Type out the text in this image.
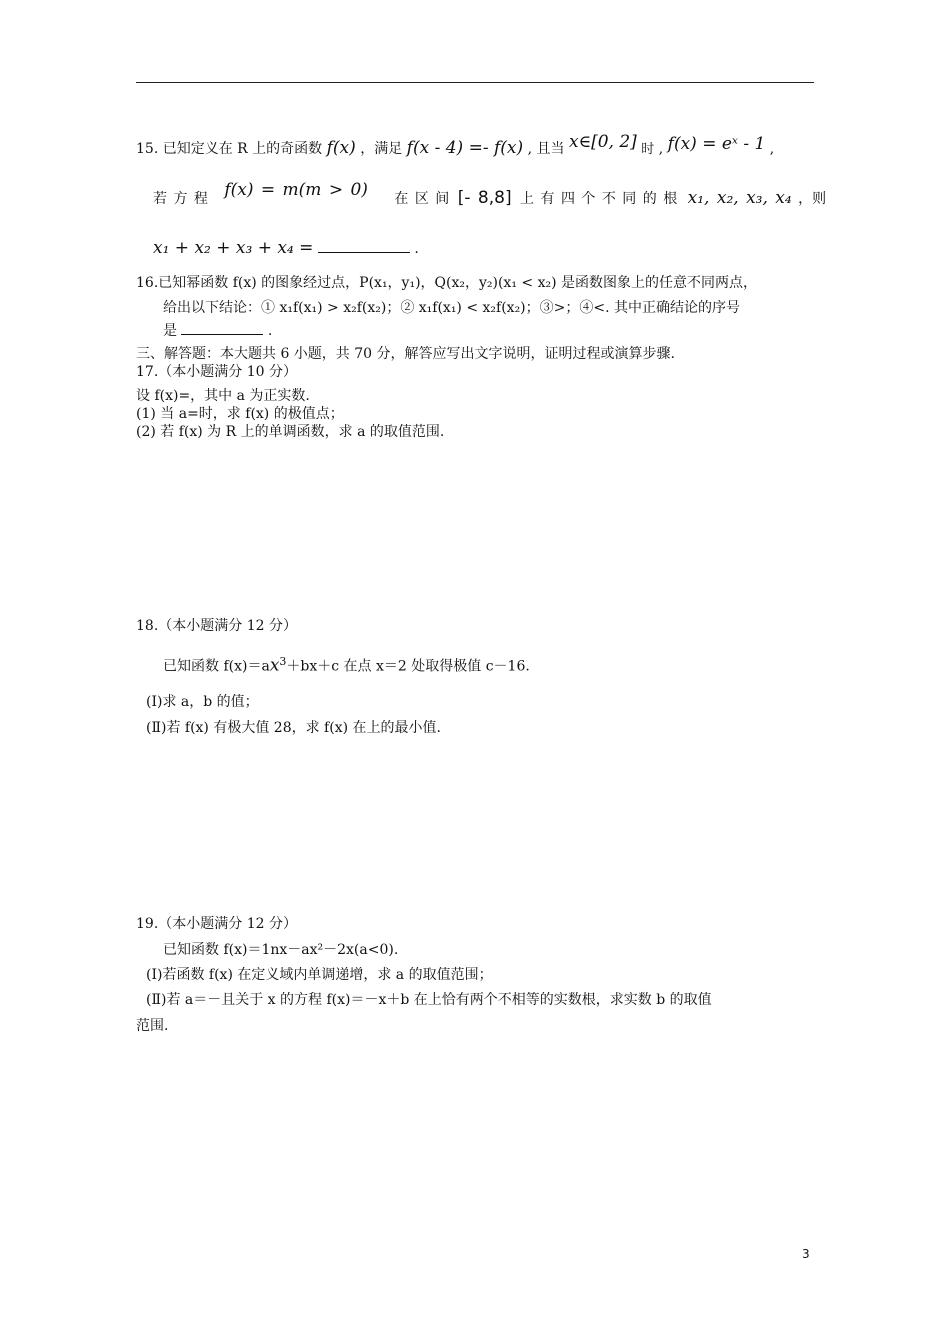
15. 已知定义在 R 上的奇函数 f(x) ，满足 f(x - 4) =- f(x) , 且当 x∈[0, 2] 时 , f(x) = eˣ - 1 ,
若 方 程 f(x) = m(m > 0) 在 区 间 [- 8,8] 上 有 四 个 不 同 的 根 x₁, x₂, x₃, x₄ ，则
x₁ + x₂ + x₃ + x₄ =	.
16.已知幂函数 f(x) 的图象经过点，P(x₁，y₁)，Q(x₂，y₂)(x₁ < x₂) 是函数图象上的任意不同两点，
给出以下结论：① x₁f(x₁) > x₂f(x₂)；② x₁f(x₁) < x₂f(x₂)；③>；④<. 其中正确结论的序号
是	.
三、解答题：本大题共 6 小题，共 70 分，解答应写出文字说明，证明过程或演算步骤.
17.（本小题满分 10 分）
设 f(x)=，其中 a 为正实数.
(1) 当 a=时，求 f(x) 的极值点；
(2) 若 f(x) 为 R 上的单调函数，求 a 的取值范围.
18.（本小题满分 12 分）
已知函数 $f(x)=ax^3+bx+c$ 在点 x＝2 处取得极值 c－16.
(Ⅰ)求 a，b 的值；
(Ⅱ)若 f(x) 有极大值 28，求 f(x) 在上的最小值.
19.（本小题满分 12 分）
已知函数 f(x)＝1nx－ax²－2x(a<0).
(Ⅰ)若函数 f(x) 在定义域内单调递增，求 a 的取值范围；
(Ⅱ)若 a＝－且关于 x 的方程 f(x)＝－x＋b 在上恰有两个不相等的实数根，求实数 b 的取值
范围.
3
